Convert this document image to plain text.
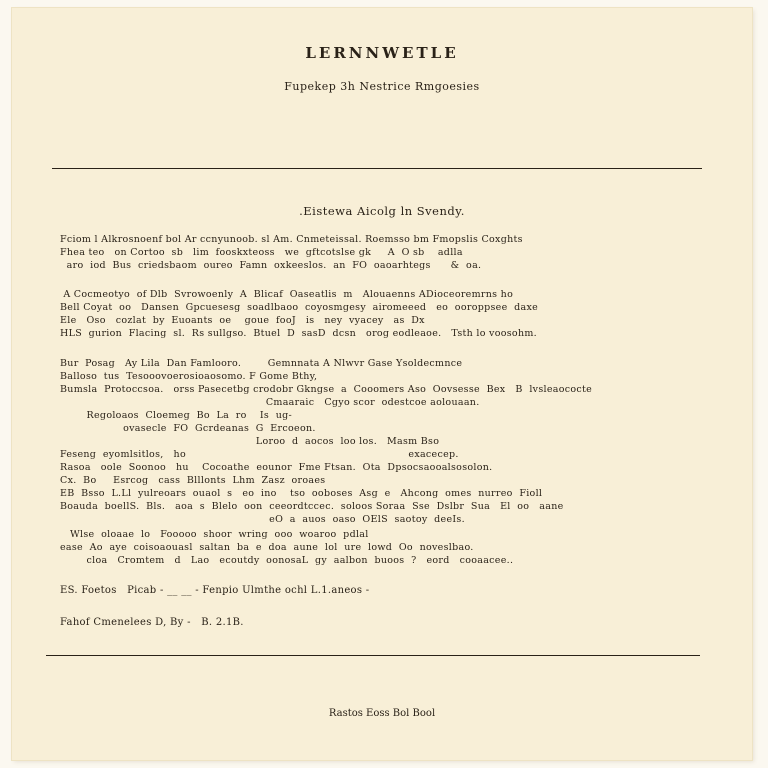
LERNNWETLE
Fupekep 3h Nestrice Rmgoesies
.Eistewa Aicolg ln Svendy.
Fciom l Alkrosnoenf bol Ar ccnyunoob. sl Am. Cnmeteissal. Roemsso bm Fmopslis Coxghts
Fhea teo   on Cortoo  sb   lim  fooskxteoss   we  gftcotslse gk     A  O sb    adlla
aro  iod  Bus  criedsbaom  oureo  Famn  oxkeeslos.  an  FO  oaoarhtegs      &  oa.
A Cocmeotyo  of Dlb  Svrowoenly  A  Blicaf  Oaseatlis  m   Alouaenns ADioceoremrns ho
Bell Coyat  oo   Dansen  Gpcuesesg  soadlbaoo  coyosmgesy  airomeeed   eo  ooroppsee  daxe
Ele   Oso   cozlat  by  Euoants  oe    goue  fooJ   is   ney  vyacey   as  Dx
HLS  gurion  Flacing  sl.  Rs sullgso.  Btuel  D  sasD  dcsn   orog eodleaoe.   Tsth lo voosohm.
Bur  Posag   Ay Lila  Dan Famlooro.        Gemnnata A Nlwvr Gase Ysoldecmnce
Balloso  tus  Tesooovoerosioaosomo. F Gome Bthy,
Bumsla  Protoccsoa.   orss Pasecetbg crodobr Gkngse  a  Cooomers Aso  Oovsesse  Bex   B  lvsleaococte
Cmaaraic   Cgyo scor  odestcoe aolouaan.
Regoloaos  Cloemeg  Bo  La  ro    Is  ug-
ovasecle  FO  Gcrdeanas  G  Ercoeon.
Loroo  d  aocos  loo los.   Masm Bso
Feseng  eyomlsitlos,   ho                                                                   exacecep.
Rasoa   oole  Soonoo   hu    Cocoathe  eounor  Fme Ftsan.  Ota  Dpsocsaooalsosolon.
Cx.  Bo     Esrcog   cass  Blllonts  Lhm  Zasz  oroaes
EB  Bsso  L.Ll  yulreoars  ouaol  s   eo  ino    tso  ooboses  Asg  e   Ahcong  omes  nurreo  Fioll
Boauda  boellS.  Bls.   aoa  s  Blelo  oon  ceeordtccec.  soloos Soraa  Sse  Dslbr  Sua   El  oo   aane
eO  a  auos  oaso  OElS  saotoy  deeIs.
Wlse  oloaae  lo   Fooooo  shoor  wring  ooo  woaroo  pdlal
ease  Ao  aye  coisoaouasl  saltan  ba  e  doa  aune  lol  ure  lowd  Oo  noveslbao.
cloa   Cromtem   d   Lao   ecoutdy  oonosaL  gy  aalbon  buoos  ?   eord   cooaacee..
ES. Foetos   Picab - __ __ - Fenpio Ulmthe ochl L.1.aneos -
Fahof Cmenelees D, By -   B. 2.1B.
Rastos Eoss Bol Bool
